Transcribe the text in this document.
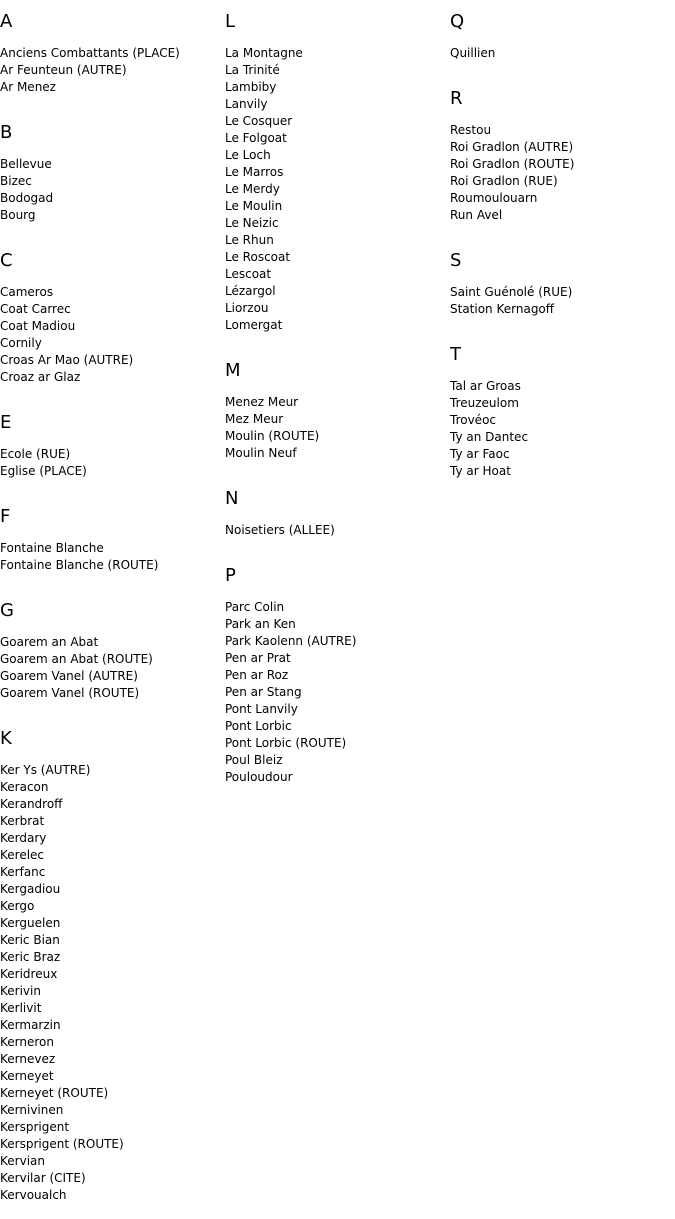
A
Anciens Combattants (PLACE)
Ar Feunteun (AUTRE)
Ar Menez
B
Bellevue
Bizec
Bodogad
Bourg
C
Cameros
Coat Carrec
Coat Madiou
Cornily
Croas Ar Mao (AUTRE)
Croaz ar Glaz
E
Ecole (RUE)
Eglise (PLACE)
F
Fontaine Blanche
Fontaine Blanche (ROUTE)
G
Goarem an Abat
Goarem an Abat (ROUTE)
Goarem Vanel (AUTRE)
Goarem Vanel (ROUTE)
K
Ker Ys (AUTRE)
Keracon
Kerandroff
Kerbrat
Kerdary
Kerelec
Kerfanc
Kergadiou
Kergo
Kerguelen
Keric Bian
Keric Braz
Keridreux
Kerivin
Kerlivit
Kermarzin
Kerneron
Kernevez
Kerneyet
Kerneyet (ROUTE)
Kernivinen
Kersprigent
Kersprigent (ROUTE)
Kervian
Kervilar (CITE)
Kervoualch
L
La Montagne
La Trinité
Lambiby
Lanvily
Le Cosquer
Le Folgoat
Le Loch
Le Marros
Le Merdy
Le Moulin
Le Neizic
Le Rhun
Le Roscoat
Lescoat
Lézargol
Liorzou
Lomergat
M
Menez Meur
Mez Meur
Moulin (ROUTE)
Moulin Neuf
N
Noisetiers (ALLEE)
P
Parc Colin
Park an Ken
Park Kaolenn (AUTRE)
Pen ar Prat
Pen ar Roz
Pen ar Stang
Pont Lanvily
Pont Lorbic
Pont Lorbic (ROUTE)
Poul Bleiz
Pouloudour
Q
Quillien
R
Restou
Roi Gradlon (AUTRE)
Roi Gradlon (ROUTE)
Roi Gradlon (RUE)
Roumoulouarn
Run Avel
S
Saint Guénolé (RUE)
Station Kernagoff
T
Tal ar Groas
Treuzeulom
Trovéoc
Ty an Dantec
Ty ar Faoc
Ty ar Hoat
